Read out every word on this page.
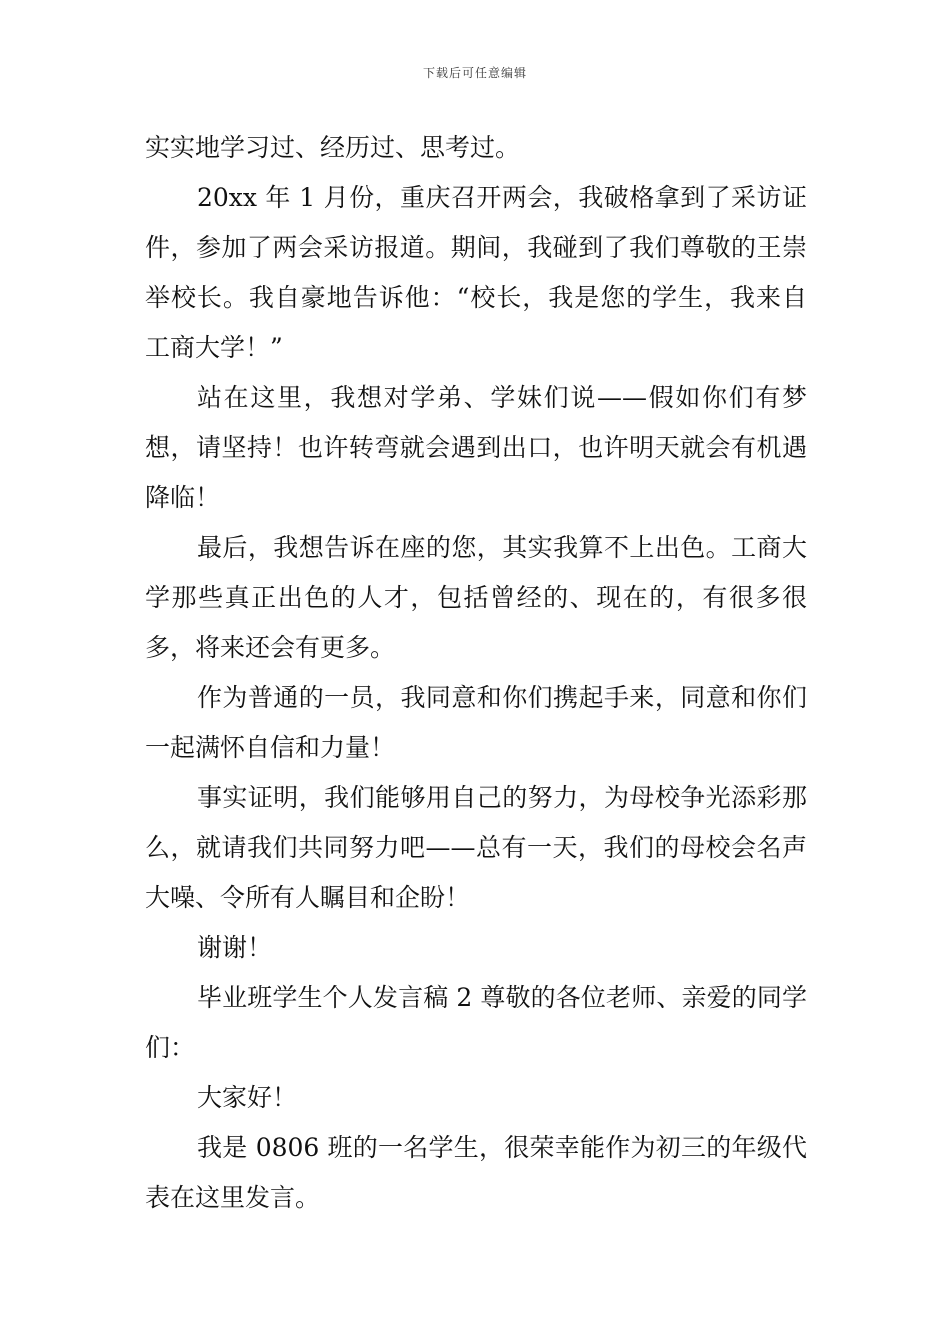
下载后可任意编辑

实实地学习过、经历过、思考过。

20xx 年 1 月份，重庆召开两会，我破格拿到了采访证件，参加了两会采访报道。期间，我碰到了我们尊敬的王崇举校长。我自豪地告诉他：“校长，我是您的学生，我来自工商大学！”

站在这里，我想对学弟、学妹们说——假如你们有梦想，请坚持！也许转弯就会遇到出口，也许明天就会有机遇降临！

最后，我想告诉在座的您，其实我算不上出色。工商大学那些真正出色的人才，包括曾经的、现在的，有很多很多，将来还会有更多。

作为普通的一员，我同意和你们携起手来，同意和你们一起满怀自信和力量！

事实证明，我们能够用自己的努力，为母校争光添彩那么，就请我们共同努力吧——总有一天，我们的母校会名声大噪、令所有人瞩目和企盼！

谢谢！

毕业班学生个人发言稿 2 尊敬的各位老师、亲爱的同学们：

大家好！

我是 0806 班的一名学生，很荣幸能作为初三的年级代表在这里发言。
